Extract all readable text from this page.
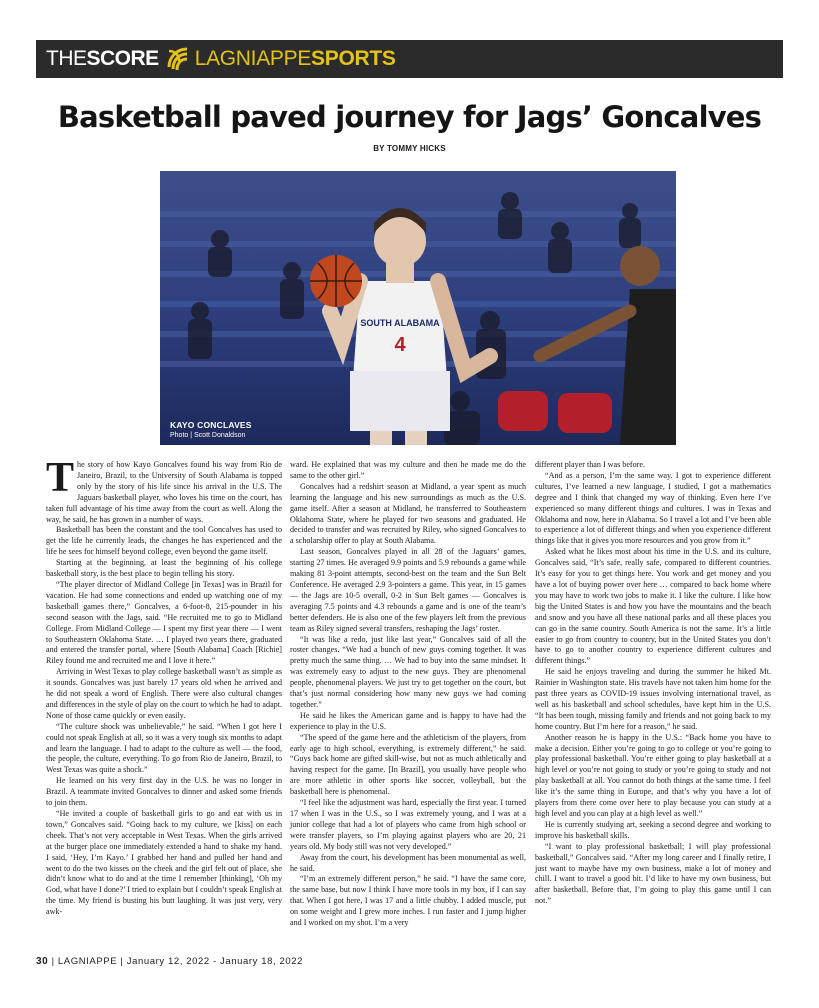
THE SCORE LAGNIAPPE SPORTS
Basketball paved journey for Jags’ Goncalves
BY TOMMY HICKS
SOUTH ALABAMA
4
KAYO CONCLAVES
Photo | Scott Donaldson
T he story of how Kayo Goncalves found his way from Rio de Janeiro, Brazil, to the University of South Alabama is topped only by the story of his life since his arrival in the U.S. The Jaguars basketball player, who loves his time on the court, has taken full advantage of his time away from the court as well. Along the way, he said, he has grown in a number of ways.

Basketball has been the constant and the tool Goncalves has used to get the life he currently leads, the changes he has experienced and the life he sees for himself beyond college, even beyond the game itself.

Starting at the beginning, at least the beginning of his college basketball story, is the best place to begin telling his story.

“The player director of Midland College [in Texas] was in Brazil for vacation. He had some connections and ended up watching one of my basketball games there,” Goncalves, a 6-foot-8, 215-pounder in his second season with the Jags, said. “He recruited me to go to Midland College. From Midland College — I spent my first year there — I went to Southeastern Oklahoma State. … I played two years there, graduated and entered the transfer portal, where [South Alabama] Coach [Richie] Riley found me and recruited me and I love it here.”

Arriving in West Texas to play college basketball wasn’t as simple as it sounds. Goncalves was just barely 17 years old when he arrived and he did not speak a word of English. There were also cultural changes and differences in the style of play on the court to which he had to adapt. None of those came quickly or even easily.

“The culture shock was unbelievable,” he said. “When I got here I could not speak English at all, so it was a very tough six months to adapt and learn the language. I had to adapt to the culture as well — the food, the people, the culture, everything. To go from Rio de Janeiro, Brazil, to West Texas was quite a shock.”

He learned on his very first day in the U.S. he was no longer in Brazil. A teammate invited Goncalves to dinner and asked some friends to join them.

“He invited a couple of basketball girls to go and eat with us in town,” Goncalves said. “Going back to my culture, we [kiss] on each cheek. That’s not very acceptable in West Texas. When the girls arrived at the burger place one immediately extended a hand to shake my hand. I said, ‘Hey, I’m Kayo.’ I grabbed her hand and pulled her hand and went to do the two kisses on the cheek and the girl felt out of place, she didn’t know what to do and at the time I remember [thinking], ‘Oh my God, what have I done?’ I tried to explain but I couldn’t speak English at the time. My friend is busting his butt laughing. It was just very, very awk-

ward. He explained that was my culture and then he made me do the same to the other girl.”

Goncalves had a redshirt season at Midland, a year spent as much learning the language and his new surroundings as much as the U.S. game itself. After a season at Midland, he transferred to Southeastern Oklahoma State, where he played for two seasons and graduated. He decided to transfer and was recruited by Riley, who signed Goncalves to a scholarship offer to play at South Alabama.

Last season, Goncalves played in all 28 of the Jaguars’ games, starting 27 times. He averaged 9.9 points and 5.9 rebounds a game while making 81 3-point attempts, second-best on the team and the Sun Belt Conference. He averaged 2.9 3-pointers a game. This year, in 15 games — the Jags are 10-5 overall, 0-2 in Sun Belt games — Goncalves is averaging 7.5 points and 4.3 rebounds a game and is one of the team’s better defenders. He is also one of the few players left from the previous team as Riley signed several transfers, reshaping the Jags’ roster.

“It was like a redo, just like last year,” Goncalves said of all the roster changes. “We had a bunch of new guys coming together. It was pretty much the same thing. … We had to buy into the same mindset. It was extremely easy to adjust to the new guys. They are phenomenal people, phenomenal players. We just try to get together on the court, but that’s just normal considering how many new guys we had coming together.”

He said he likes the American game and is happy to have had the experience to play in the U.S.

“The speed of the game here and the athleticism of the players, from early age to high school, everything, is extremely different,” he said. “Guys back home are gifted skill-wise, but not as much athletically and having respect for the game. [In Brazil], you usually have people who are more athletic in other sports like soccer, volleyball, but the basketball here is phenomenal.

“I feel like the adjustment was hard, especially the first year. I turned 17 when I was in the U.S., so I was extremely young, and I was at a junior college that had a lot of players who came from high school or were transfer players, so I’m playing against players who are 20, 21 years old. My body still was not very developed.”

Away from the court, his development has been monumental as well, he said.

“I’m an extremely different person,” he said. “I have the same core, the same base, but now I think I have more tools in my box, if I can say that. When I got here, I was 17 and a little chubby. I added muscle, put on some weight and I grew more inches. I run faster and I jump higher and I worked on my shot. I’m a very

different player than I was before.

“And as a person, I’m the same way. I got to experience different cultures, I’ve learned a new language, I studied, I got a mathematics degree and I think that changed my way of thinking. Even here I’ve experienced so many different things and cultures. I was in Texas and Oklahoma and now, here in Alabama. So I travel a lot and I’ve been able to experience a lot of different things and when you experience different things like that it gives you more resources and you grow from it.”

Asked what he likes most about his time in the U.S. and its culture, Goncalves said, “It’s safe, really safe, compared to different countries. It’s easy for you to get things here. You work and get money and you have a lot of buying power over here … compared to back home where you may have to work two jobs to make it. I like the culture. I like how big the United States is and how you have the mountains and the beach and snow and you have all these national parks and all these places you can go in the same country. South America is not the same. It’s a little easier to go from country to country, but in the United States you don’t have to go to another country to experience different cultures and different things.”

He said he enjoys traveling and during the summer he hiked Mt. Rainier in Washington state. His travels have not taken him home for the past three years as COVID-19 issues involving international travel, as well as his basketball and school schedules, have kept him in the U.S. “It has been tough, missing family and friends and not going back to my home country. But I’m here for a reason,” he said.

Another reason he is happy in the U.S.: “Back home you have to make a decision. Either you’re going to go to college or you’re going to play professional basketball. You’re either going to play basketball at a high level or you’re not going to study or you’re going to study and not play basketball at all. You cannot do both things at the same time. I feel like it’s the same thing in Europe, and that’s why you have a lot of players from there come over here to play because you can study at a high level and you can play at a high level as well.”

He is currently studying art, seeking a second degree and working to improve his basketball skills.

“I want to play professional basketball; I will play professional basketball,” Goncalves said. “After my long career and I finally retire, I just want to maybe have my own business, make a lot of money and chill. I want to travel a good bit. I’d like to have my own business, but after basketball. Before that, I’m going to play this game until I can not.”

30 | LAGNIAPPE | January 12, 2022 - January 18, 2022
